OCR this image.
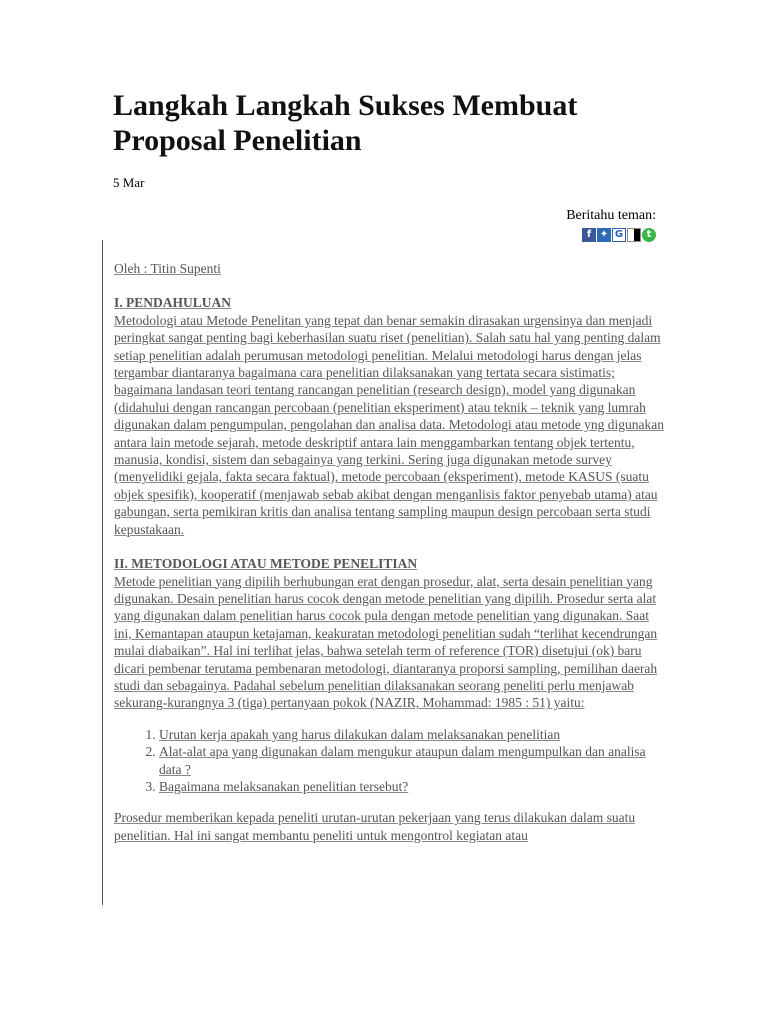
Langkah Langkah Sukses Membuat Proposal Penelitian
5 Mar
Beritahu teman:
f ✦ G	t

Oleh : Titin Supenti

I. PENDAHULUAN

Metodologi atau Metode Penelitan yang tepat dan benar semakin dirasakan urgensinya dan menjadi peringkat sangat penting bagi keberhasilan suatu riset (penelitian). Salah satu hal yang penting dalam setiap penelitian adalah perumusan metodologi penelitian. Melalui metodologi harus dengan jelas tergambar diantaranya bagaimana cara penelitian dilaksanakan yang tertata secara sistimatis; bagaimana landasan teori tentang rancangan penelitian (research design), model yang digunakan (didahului dengan rancangan percobaan (penelitian eksperiment) atau teknik – teknik yang lumrah digunakan dalam pengumpulan, pengolahan dan analisa data. Metodologi atau metode yng digunakan antara lain metode sejarah, metode deskriptif antara lain menggambarkan tentang objek tertentu, manusia, kondisi, sistem dan sebagainya yang terkini. Sering juga digunakan metode survey (menyelidiki gejala, fakta secara faktual), metode percobaan (eksperiment), metode KASUS (suatu objek spesifik), kooperatif (menjawab sebab akibat dengan menganlisis faktor penyebab utama) atau gabungan, serta pemikiran kritis dan analisa tentang sampling maupun design percobaan serta studi kepustakaan.

II. METODOLOGI ATAU METODE PENELITIAN

Metode penelitian yang dipilih berhubungan erat dengan prosedur, alat, serta desain penelitian yang digunakan. Desain penelitian harus cocok dengan metode penelitian yang dipilih. Prosedur serta alat yang digunakan dalam penelitian harus cocok pula dengan metode penelitian yang digunakan. Saat ini, Kemantapan ataupun ketajaman, keakuratan metodologi penelitian sudah “terlihat kecendrungan mulai diabaikan”. Hal ini terlihat jelas, bahwa setelah term of reference (TOR) disetujui (ok) baru dicari pembenar terutama pembenaran metodologi, diantaranya proporsi sampling, pemilihan daerah studi dan sebagainya. Padahal sebelum penelitian dilaksanakan seorang peneliti perlu menjawab sekurang-kurangnya 3 (tiga) pertanyaan pokok (NAZIR, Mohammad: 1985 : 51) yaitu:

1. Urutan kerja apakah yang harus dilakukan dalam melaksanakan penelitian
2. Alat-alat apa yang digunakan dalam mengukur ataupun dalam mengumpulkan dan analisa data ?
3. Bagaimana melaksanakan penelitian tersebut?

Prosedur memberikan kepada peneliti urutan-urutan pekerjaan yang terus dilakukan dalam suatu penelitian. Hal ini sangat membantu peneliti untuk mengontrol kegiatan atau
